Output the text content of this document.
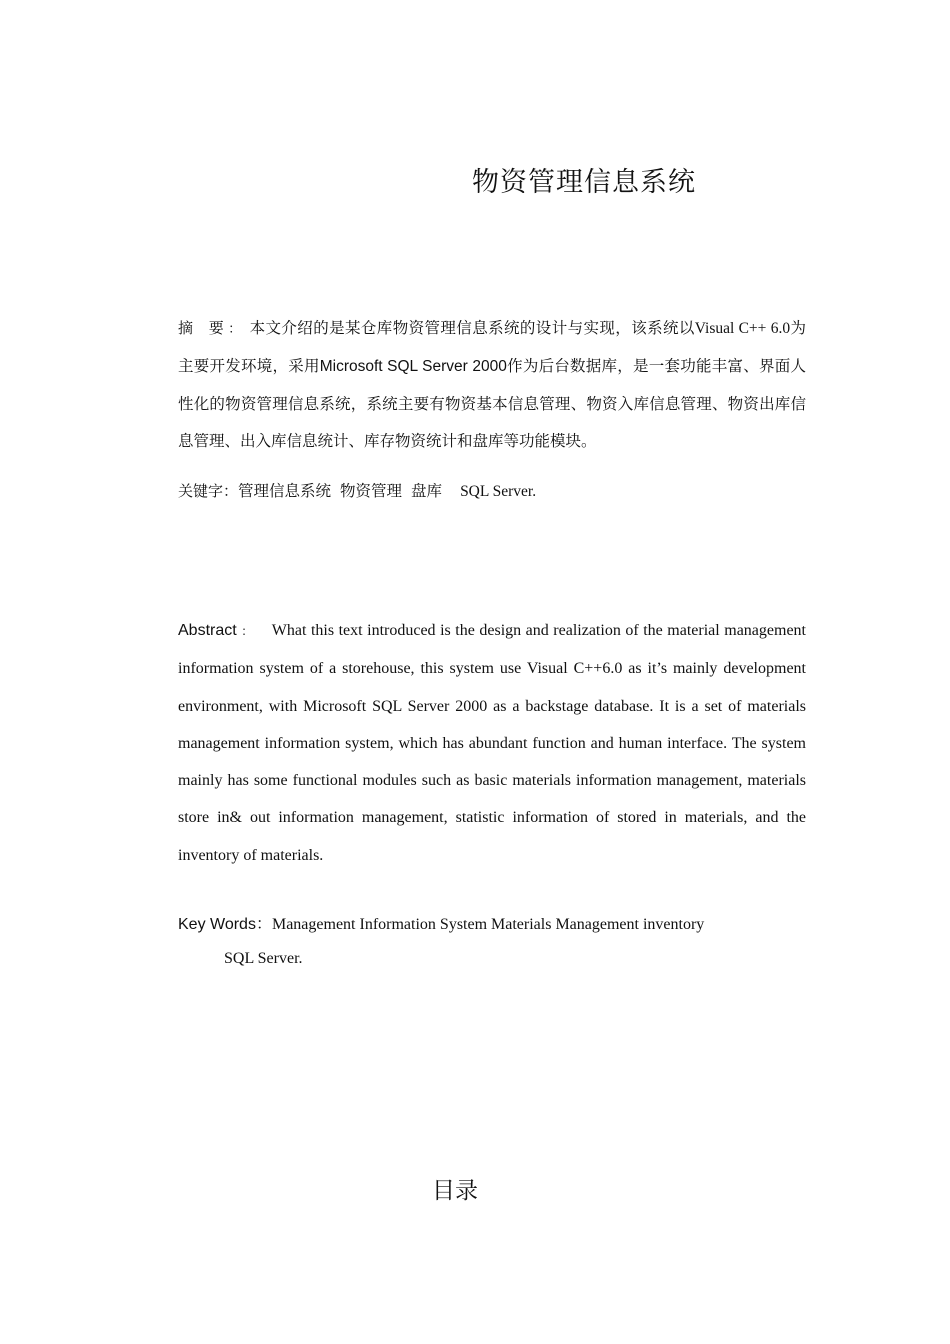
物资管理信息系统
摘　要 ： 本文介绍的是某仓库物资管理信息系统的设计与实现，该系统以Visual C++ 6.0为主要开发环境，采用Microsoft SQL Server 2000作为后台数据库，是一套功能丰富、界面人性化的物资管理信息系统，系统主要有物资基本信息管理、物资入库信息管理、物资出库信息管理、出入库信息统计、库存物资统计和盘库等功能模块。
关键字：管理信息系统 物资管理 盘库 SQL Server.
Abstract ： What this text introduced is the design and realization of the material management information system of a storehouse, this system use Visual C++6.0 as it’s mainly development environment, with Microsoft SQL Server 2000 as a backstage database. It is a set of materials management information system, which has abundant function and human interface. The system mainly has some functional modules such as basic materials information management, materials store in& out information management, statistic information of stored in materials, and the inventory of materials.
Key Words：Management Information System Materials Management inventory
SQL Server.
目录
